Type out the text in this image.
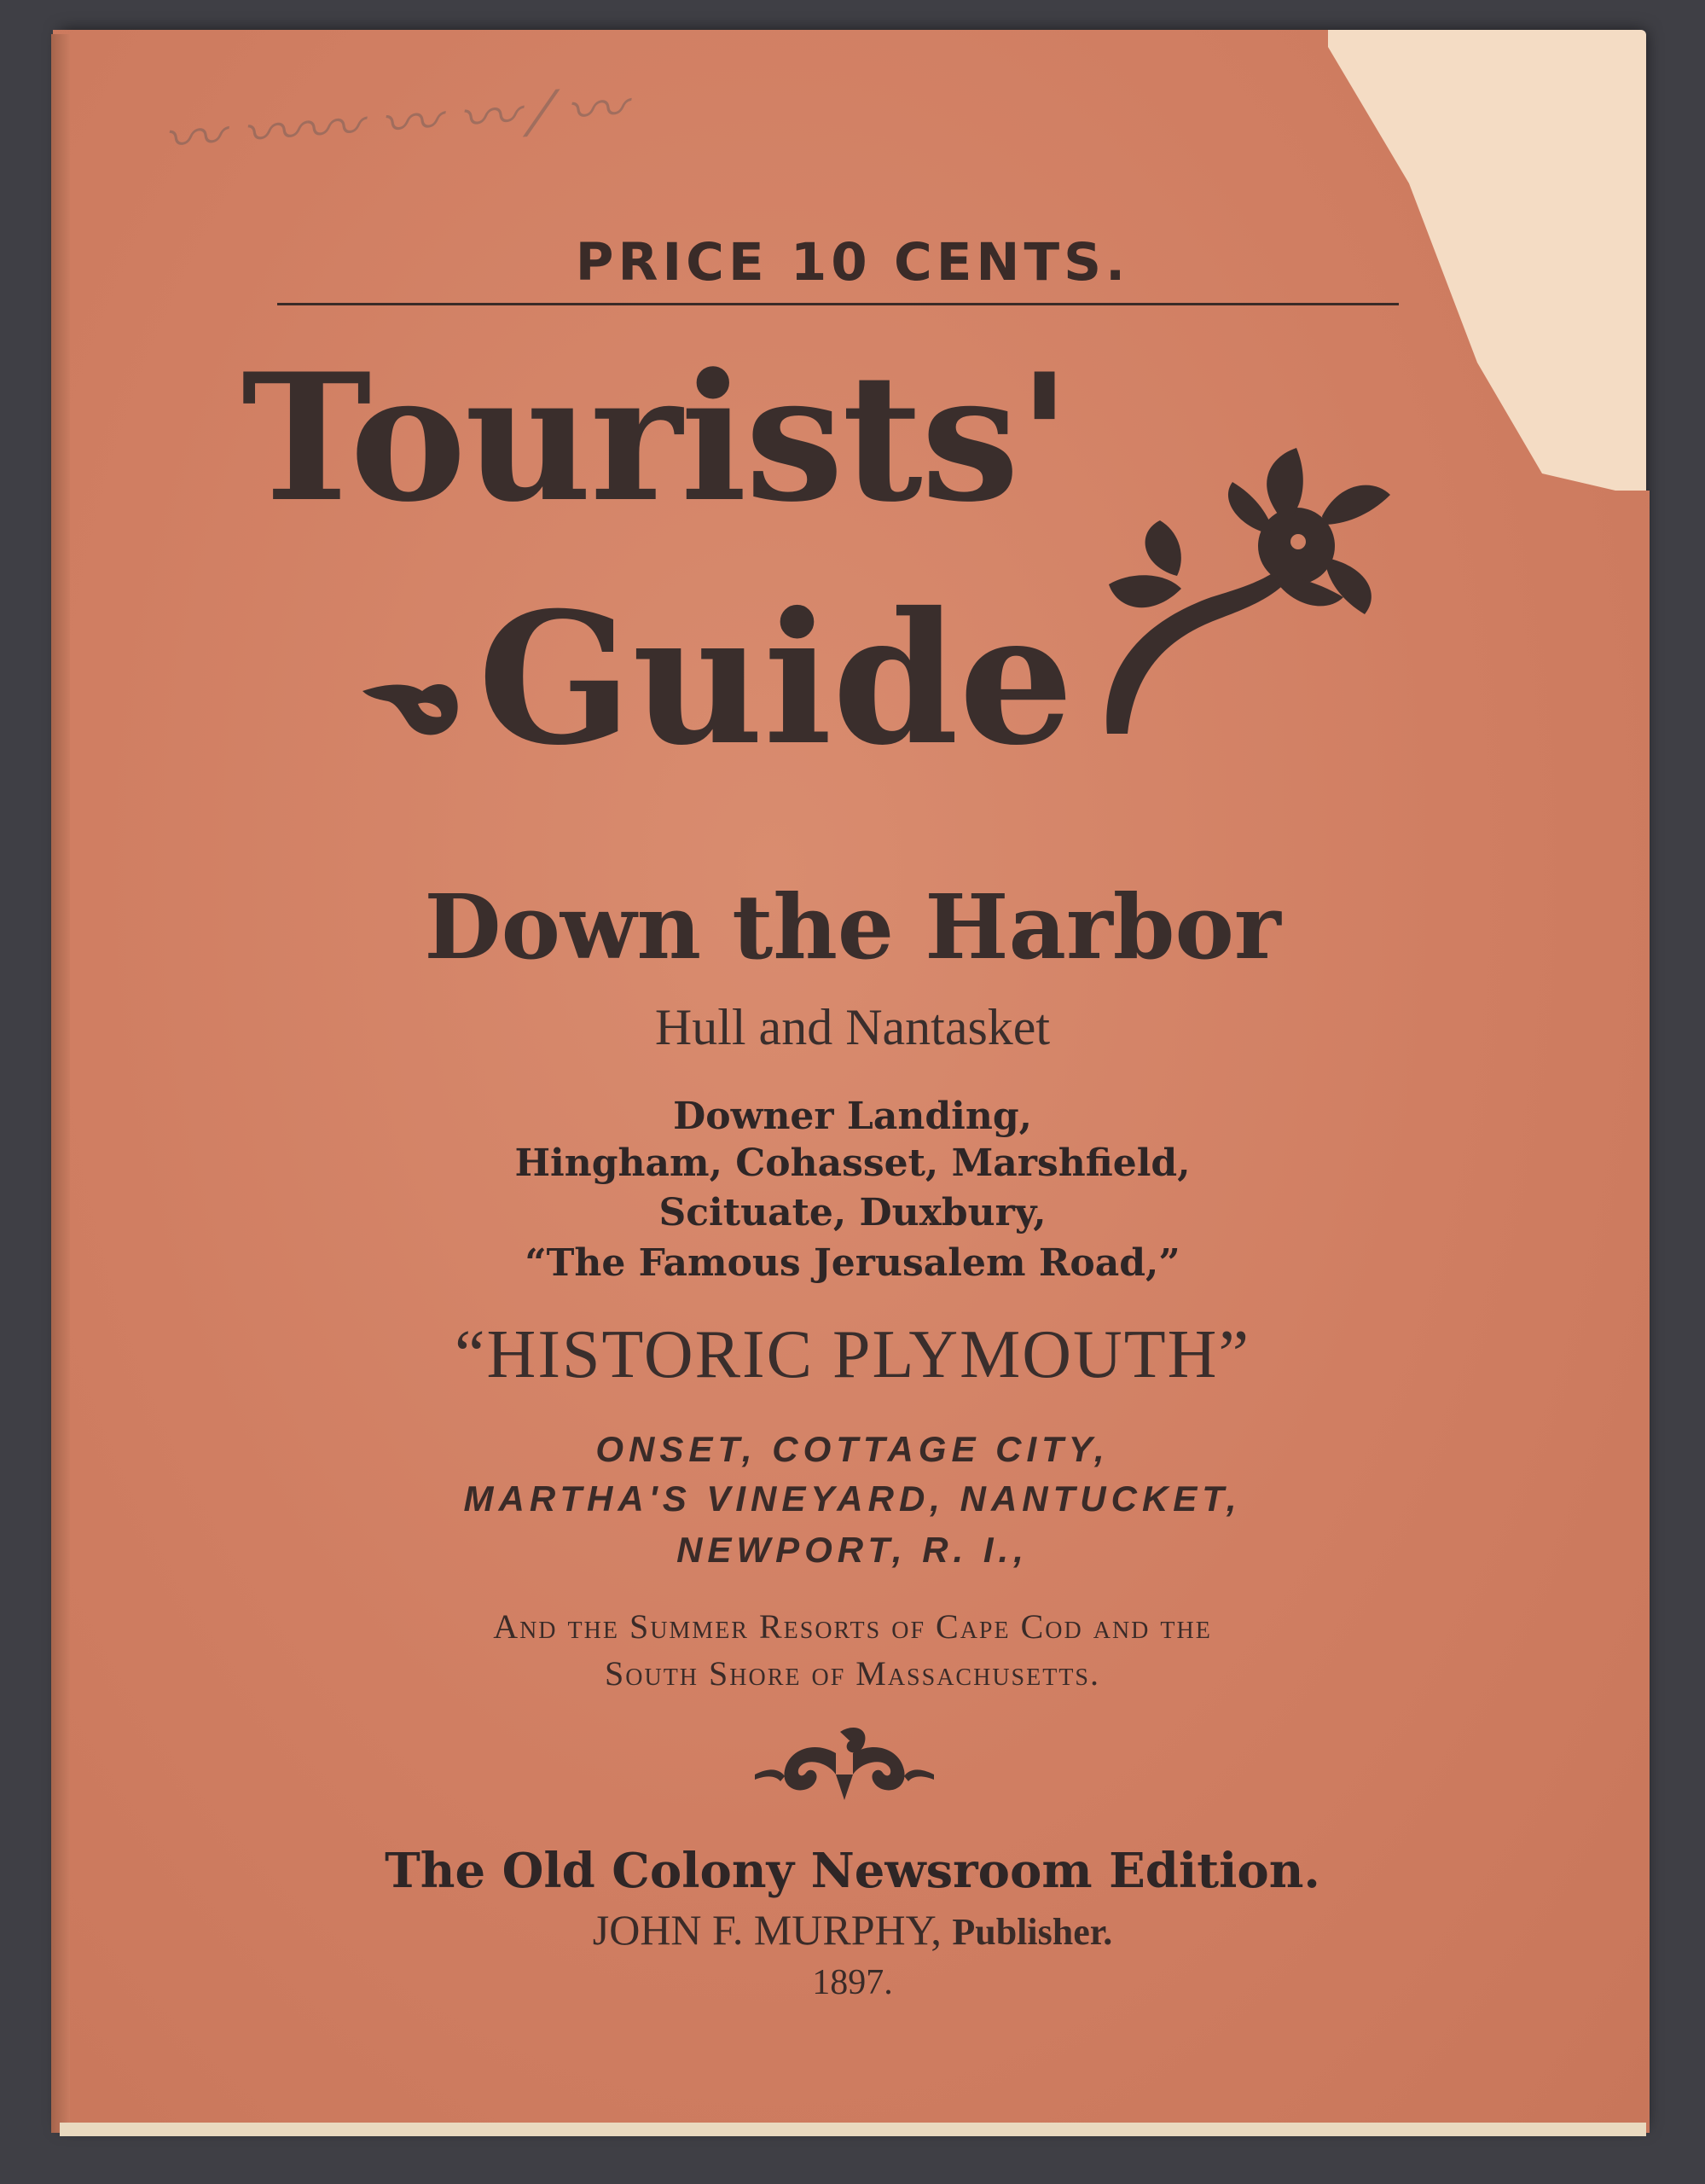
〰 〰〰 〰 〰 ⁄ 〰
PRICE 10 CENTS.
Tourists'
Guide
Down the Harbor
Hull and Nantasket
Downer Landing,
Hingham, Cohasset, Marshfield,
Scituate, Duxbury,
“The Famous Jerusalem Road,”
“HISTORIC PLYMOUTH”
ONSET, COTTAGE CITY,
MARTHA'S VINEYARD, NANTUCKET,
NEWPORT, R. I.,
And the Summer Resorts of Cape Cod and the
South Shore of Massachusetts.
The Old Colony Newsroom Edition.
JOHN F. MURPHY, Publisher.
1897.
